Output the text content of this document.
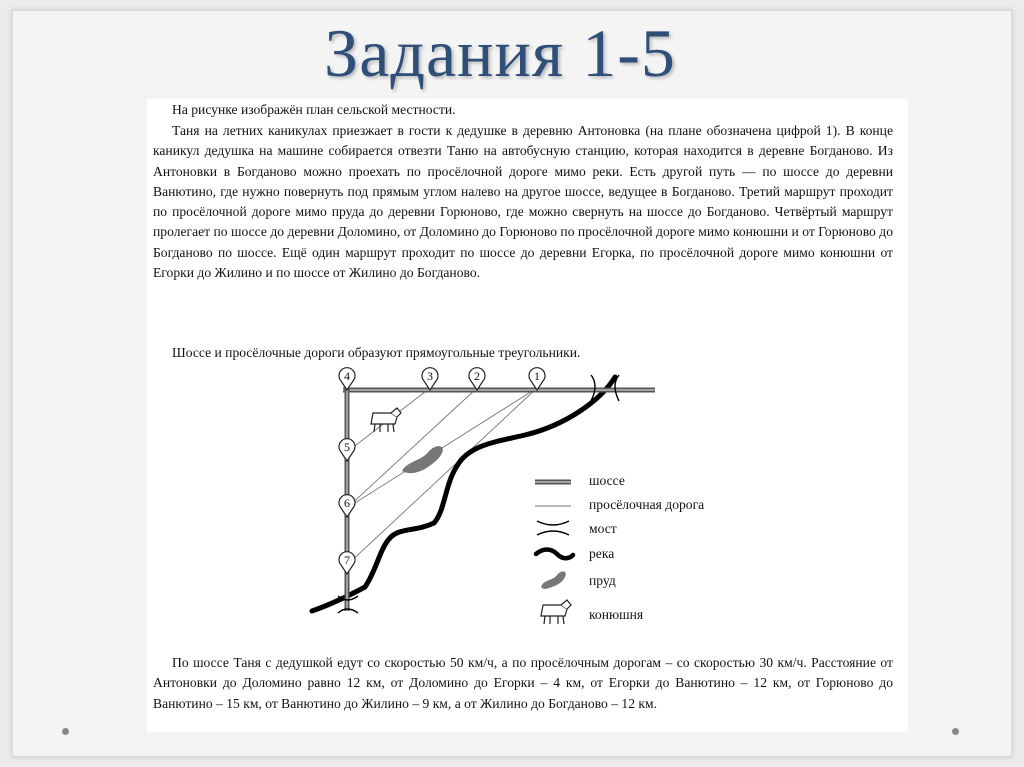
Задания 1-5

На рисунке изображён план сельской местности.

Таня на летних каникулах приезжает в гости к дедушке в деревню Антоновка (на плане обозначена цифрой 1). В конце каникул дедушка на машине собирается отвезти Таню на автобусную станцию, которая находится в деревне Богданово. Из Антоновки в Богданово можно проехать по просёлочной дороге мимо реки. Есть другой путь — по шоссе до деревни Ванютино, где нужно повернуть под прямым углом налево на другое шоссе, ведущее в Богданово. Третий маршрут проходит по просёлочной дороге мимо пруда до деревни Горюново, где можно свернуть на шоссе до Богданово. Четвёртый маршрут пролегает по шоссе до деревни Доломино, от Доломино до Горюново по просёлочной дороге мимо конюшни и от Горюново до Богданово по шоссе. Ещё один маршрут проходит по шоссе до деревни Егорка, по просёлочной дороге мимо конюшни от Егорки до Жилино и по шоссе от Жилино до Богданово.

Шоссе и просёлочные дороги образуют прямоугольные треугольники.

4	3	2	1
5
6
7
шоссе
просёлочная дорога
мост
река
пруд
конюшня

По шоссе Таня с дедушкой едут со скоростью 50 км/ч, а по просёлочным дорогам – со скоростью 30 км/ч. Расстояние от Антоновки до Доломино равно 12 км, от Доломино до Егорки – 4 км, от Егорки до Ванютино – 12 км, от Горюново до Ванютино – 15 км, от Ванютино до Жилино – 9 км, а от Жилино до Богданово – 12 км.
